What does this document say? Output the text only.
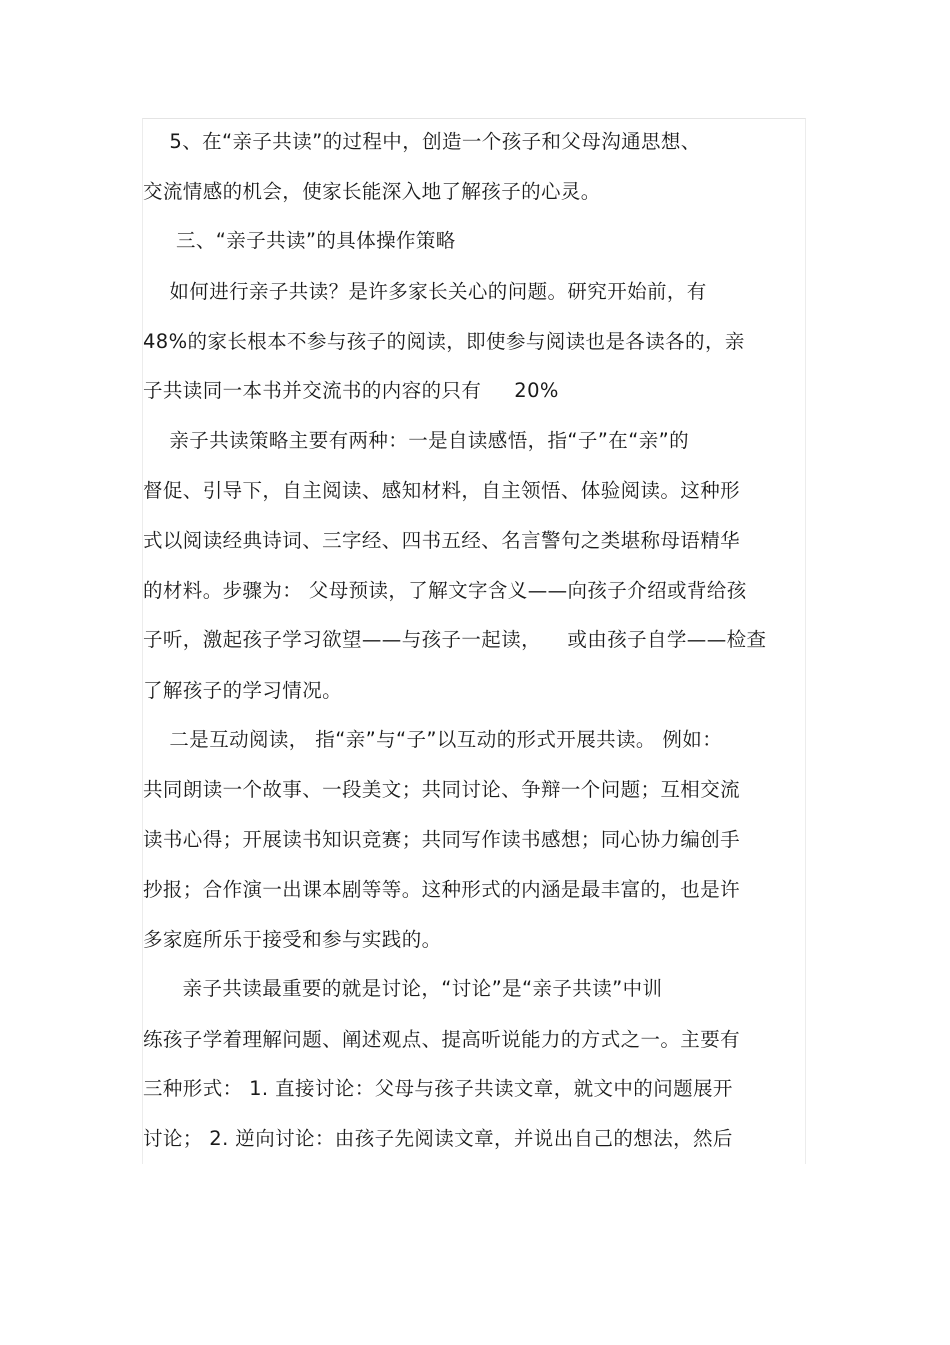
5、在“亲子共读”的过程中，创造一个孩子和父母沟通思想、

交流情感的机会，使家长能深入地了解孩子的心灵。

三、“亲子共读”的具体操作策略

如何进行亲子共读？是许多家长关心的问题。研究开始前，有

48%的家长根本不参与孩子的阅读，即使参与阅读也是各读各的，亲

子共读同一本书并交流书的内容的只有     20%

亲子共读策略主要有两种：一是自读感悟，指“子”在“亲”的

督促、引导下，自主阅读、感知材料，自主领悟、体验阅读。这种形

式以阅读经典诗词、三字经、四书五经、名言警句之类堪称母语精华

的材料。步骤为： 父母预读，了解文字含义——向孩子介绍或背给孩

子听，激起孩子学习欲望——与孩子一起读，    或由孩子自学——检查

了解孩子的学习情况。

二是互动阅读， 指“亲”与“子”以互动的形式开展共读。 例如：

共同朗读一个故事、一段美文；共同讨论、争辩一个问题；互相交流

读书心得；开展读书知识竞赛；共同写作读书感想；同心协力编创手

抄报；合作演一出课本剧等等。这种形式的内涵是最丰富的，也是许

多家庭所乐于接受和参与实践的。

亲子共读最重要的就是讨论，“讨论”是“亲子共读”中训

练孩子学着理解问题、阐述观点、提高听说能力的方式之一。主要有

三种形式： 1. 直接讨论：父母与孩子共读文章，就文中的问题展开

讨论； 2. 逆向讨论：由孩子先阅读文章，并说出自己的想法，然后
